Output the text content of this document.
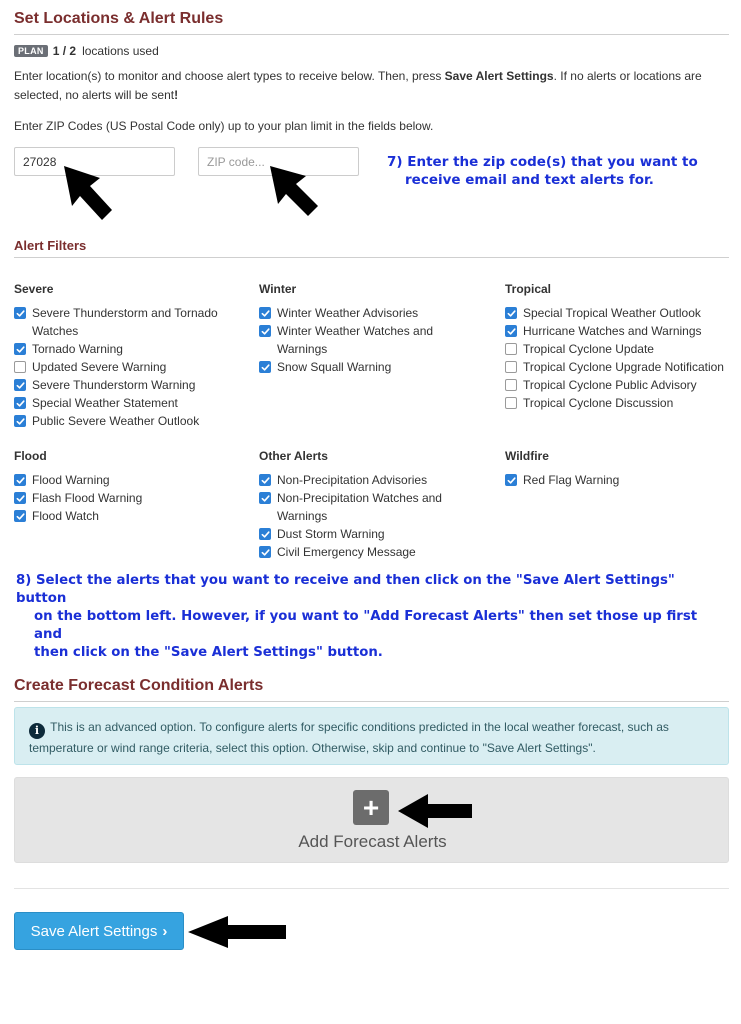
Set Locations & Alert Rules
PLAN 1 / 2 locations used
Enter location(s) to monitor and choose alert types to receive below. Then, press Save Alert Settings. If no alerts or locations are selected, no alerts will be sent!
Enter ZIP Codes (US Postal Code only) up to your plan limit in the fields below.
27028
ZIP code...
7) Enter the zip code(s) that you want to
receive email and text alerts for.
Alert Filters
Severe
Severe Thunderstorm and Tornado Watches
Tornado Warning
Updated Severe Warning
Severe Thunderstorm Warning
Special Weather Statement
Public Severe Weather Outlook
Winter
Winter Weather Advisories
Winter Weather Watches and Warnings
Snow Squall Warning
Tropical
Special Tropical Weather Outlook
Hurricane Watches and Warnings
Tropical Cyclone Update
Tropical Cyclone Upgrade Notification
Tropical Cyclone Public Advisory
Tropical Cyclone Discussion
Flood
Flood Warning
Flash Flood Warning
Flood Watch
Other Alerts
Non-Precipitation Advisories
Non-Precipitation Watches and Warnings
Dust Storm Warning
Civil Emergency Message
Wildfire
Red Flag Warning
8) Select the alerts that you want to receive and then click on the "Save Alert Settings" button
on the bottom left. However, if you want to "Add Forecast Alerts" then set those up first and
then click on the "Save Alert Settings" button.
Create Forecast Condition Alerts
i This is an advanced option. To configure alerts for specific conditions predicted in the local weather forecast, such as temperature or wind range criteria, select this option. Otherwise, skip and continue to "Save Alert Settings".
+
Add Forecast Alerts
Save Alert Settings ›
